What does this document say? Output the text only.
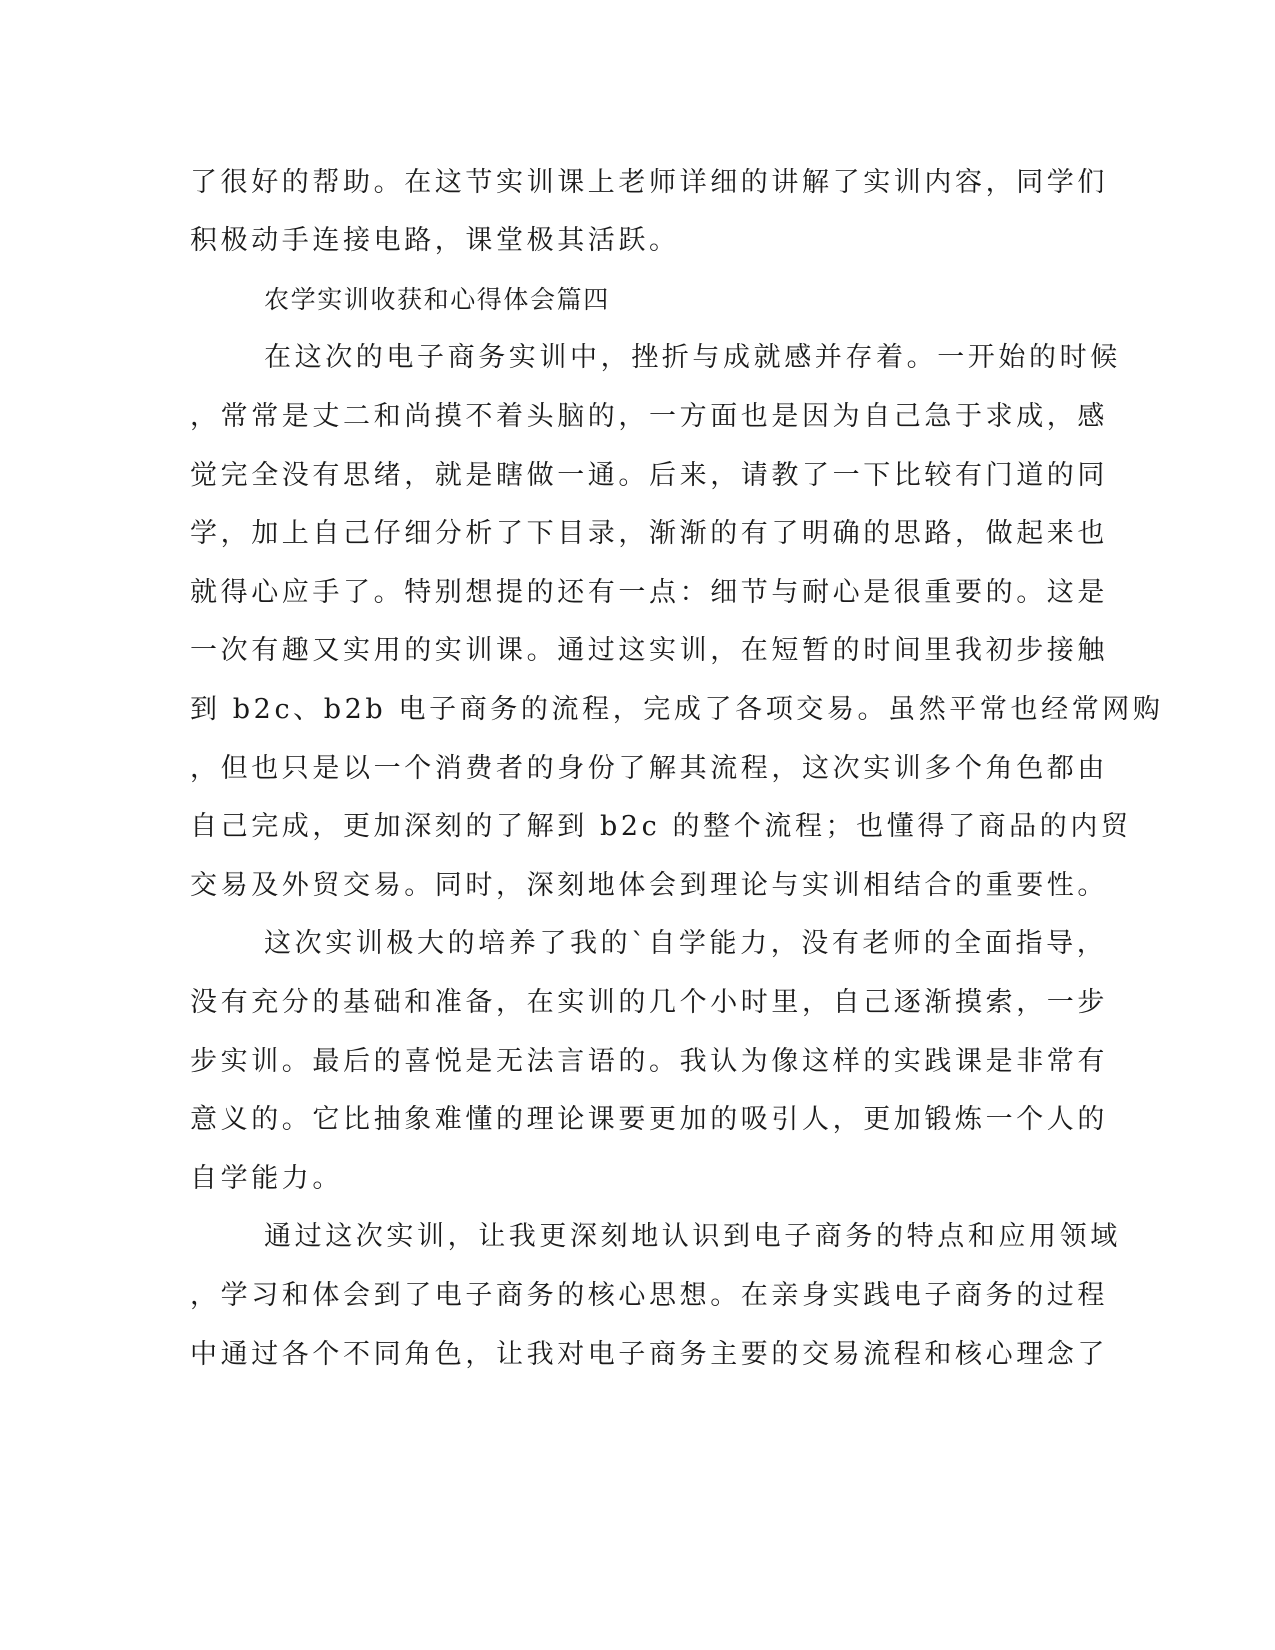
了很好的帮助。在这节实训课上老师详细的讲解了实训内容，同学们
积极动手连接电路，课堂极其活跃。
农学实训收获和心得体会篇四
在这次的电子商务实训中，挫折与成就感并存着。一开始的时候
，常常是丈二和尚摸不着头脑的，一方面也是因为自己急于求成，感
觉完全没有思绪，就是瞎做一通。后来，请教了一下比较有门道的同
学，加上自己仔细分析了下目录，渐渐的有了明确的思路，做起来也
就得心应手了。特别想提的还有一点：细节与耐心是很重要的。这是
一次有趣又实用的实训课。通过这实训，在短暂的时间里我初步接触
到 b2c、b2b 电子商务的流程，完成了各项交易。虽然平常也经常网购
，但也只是以一个消费者的身份了解其流程，这次实训多个角色都由
自己完成，更加深刻的了解到 b2c 的整个流程；也懂得了商品的内贸
交易及外贸交易。同时，深刻地体会到理论与实训相结合的重要性。
这次实训极大的培养了我的`自学能力，没有老师的全面指导，
没有充分的基础和准备，在实训的几个小时里，自己逐渐摸索，一步
步实训。最后的喜悦是无法言语的。我认为像这样的实践课是非常有
意义的。它比抽象难懂的理论课要更加的吸引人，更加锻炼一个人的
自学能力。
通过这次实训，让我更深刻地认识到电子商务的特点和应用领域
，学习和体会到了电子商务的核心思想。在亲身实践电子商务的过程
中通过各个不同角色，让我对电子商务主要的交易流程和核心理念了
